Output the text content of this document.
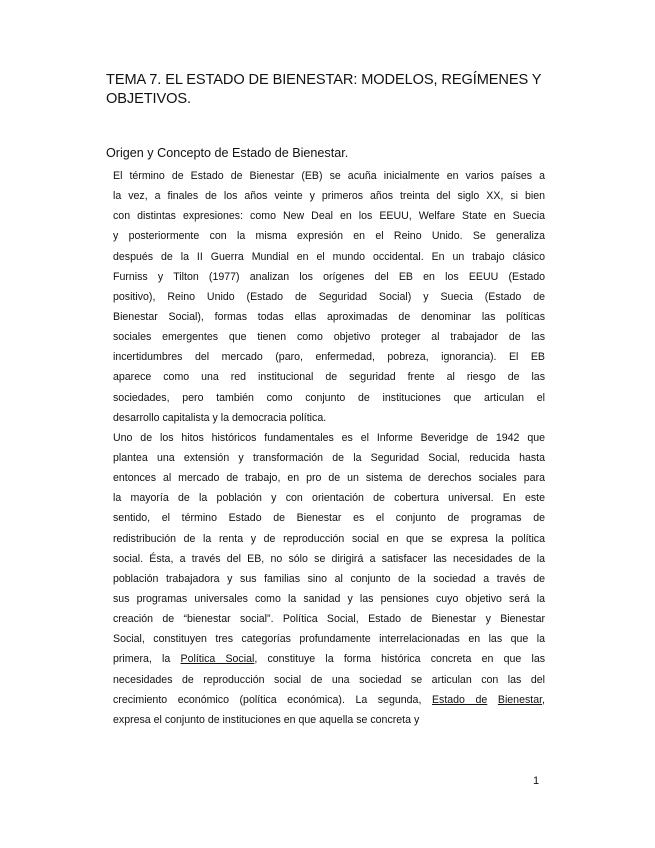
TEMA 7. EL ESTADO DE BIENESTAR: MODELOS, REGÍMENES Y
OBJETIVOS.
Origen y Concepto de Estado de Bienestar.
El término de Estado de Bienestar (EB) se acuña inicialmente en varios países a
la vez, a finales de los años veinte y primeros años treinta del siglo XX, si bien
con distintas expresiones: como New Deal en los EEUU, Welfare State en Suecia
y posteriormente con la misma expresión en el Reino Unido. Se generaliza
después de la II Guerra Mundial en el mundo occidental. En un trabajo clásico
Furniss y Tilton (1977) analizan los orígenes del EB en los EEUU (Estado
positivo), Reino Unido (Estado de Seguridad Social) y Suecia (Estado de
Bienestar Social), formas todas ellas aproximadas de denominar las políticas
sociales emergentes que tienen como objetivo proteger al trabajador de las
incertidumbres del mercado (paro, enfermedad, pobreza, ignorancia). El EB
aparece como una red institucional de seguridad frente al riesgo de las
sociedades, pero también como conjunto de instituciones que articulan el
desarrollo capitalista y la democracia política.
Uno de los hitos históricos fundamentales es el Informe Beveridge de 1942 que
plantea una extensión y transformación de la Seguridad Social, reducida hasta
entonces al mercado de trabajo, en pro de un sistema de derechos sociales para
la mayoría de la población y con orientación de cobertura universal. En este
sentido, el término Estado de Bienestar es el conjunto de programas de
redistribución de la renta y de reproducción social en que se expresa la política
social. Ésta, a través del EB, no sólo se dirigirá a satisfacer las necesidades de la
población trabajadora y sus familias sino al conjunto de la sociedad a través de
sus programas universales como la sanidad y las pensiones cuyo objetivo será la
creación de “bienestar social”. Política Social, Estado de Bienestar y Bienestar
Social, constituyen tres categorías profundamente interrelacionadas en las que la
primera, la Política Social, constituye la forma histórica concreta en que las
necesidades de reproducción social de una sociedad se articulan con las del
crecimiento económico (política económica). La segunda, Estado de Bienestar,
expresa el conjunto de instituciones en que aquella se concreta y
1
